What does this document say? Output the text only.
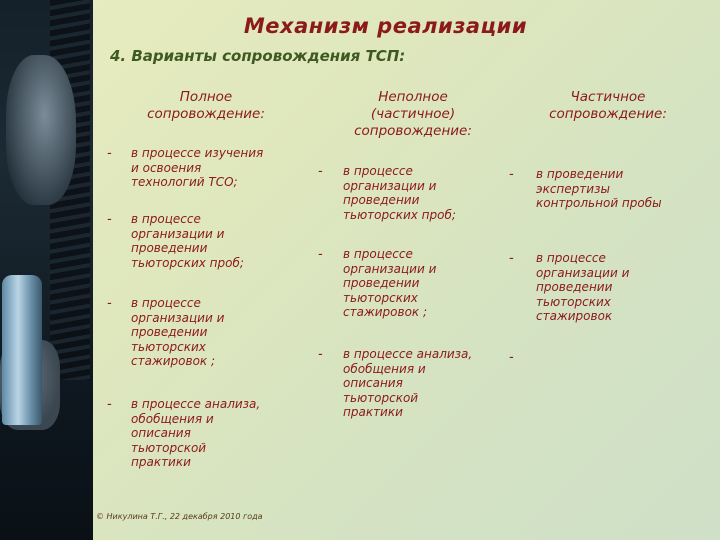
Механизм реализации
4. Варианты сопровождения ТСП:
Полное
сопровождение:
- в процессе изучения
и освоения
технологий ТСО;
- в процессе
организации и
проведении
тьюторских проб;
- в процессе
организации и
проведении
тьюторских
стажировок ;
- в процессе анализа,
обобщения и
описания
тьюторской
практики
Неполное
(частичное)
сопровождение:
- в процессе
организации и
проведении
тьюторских проб;
- в процессе
организации и
проведении
тьюторских
стажировок ;
- в процессе анализа,
обобщения и
описания
тьюторской
практики
Частичное
сопровождение:
- в проведении
экспертизы
контрольной пробы
- в процессе
организации и
проведении
тьюторских
стажировок
-
© Никулина Т.Г., 22 декабря 2010 года
